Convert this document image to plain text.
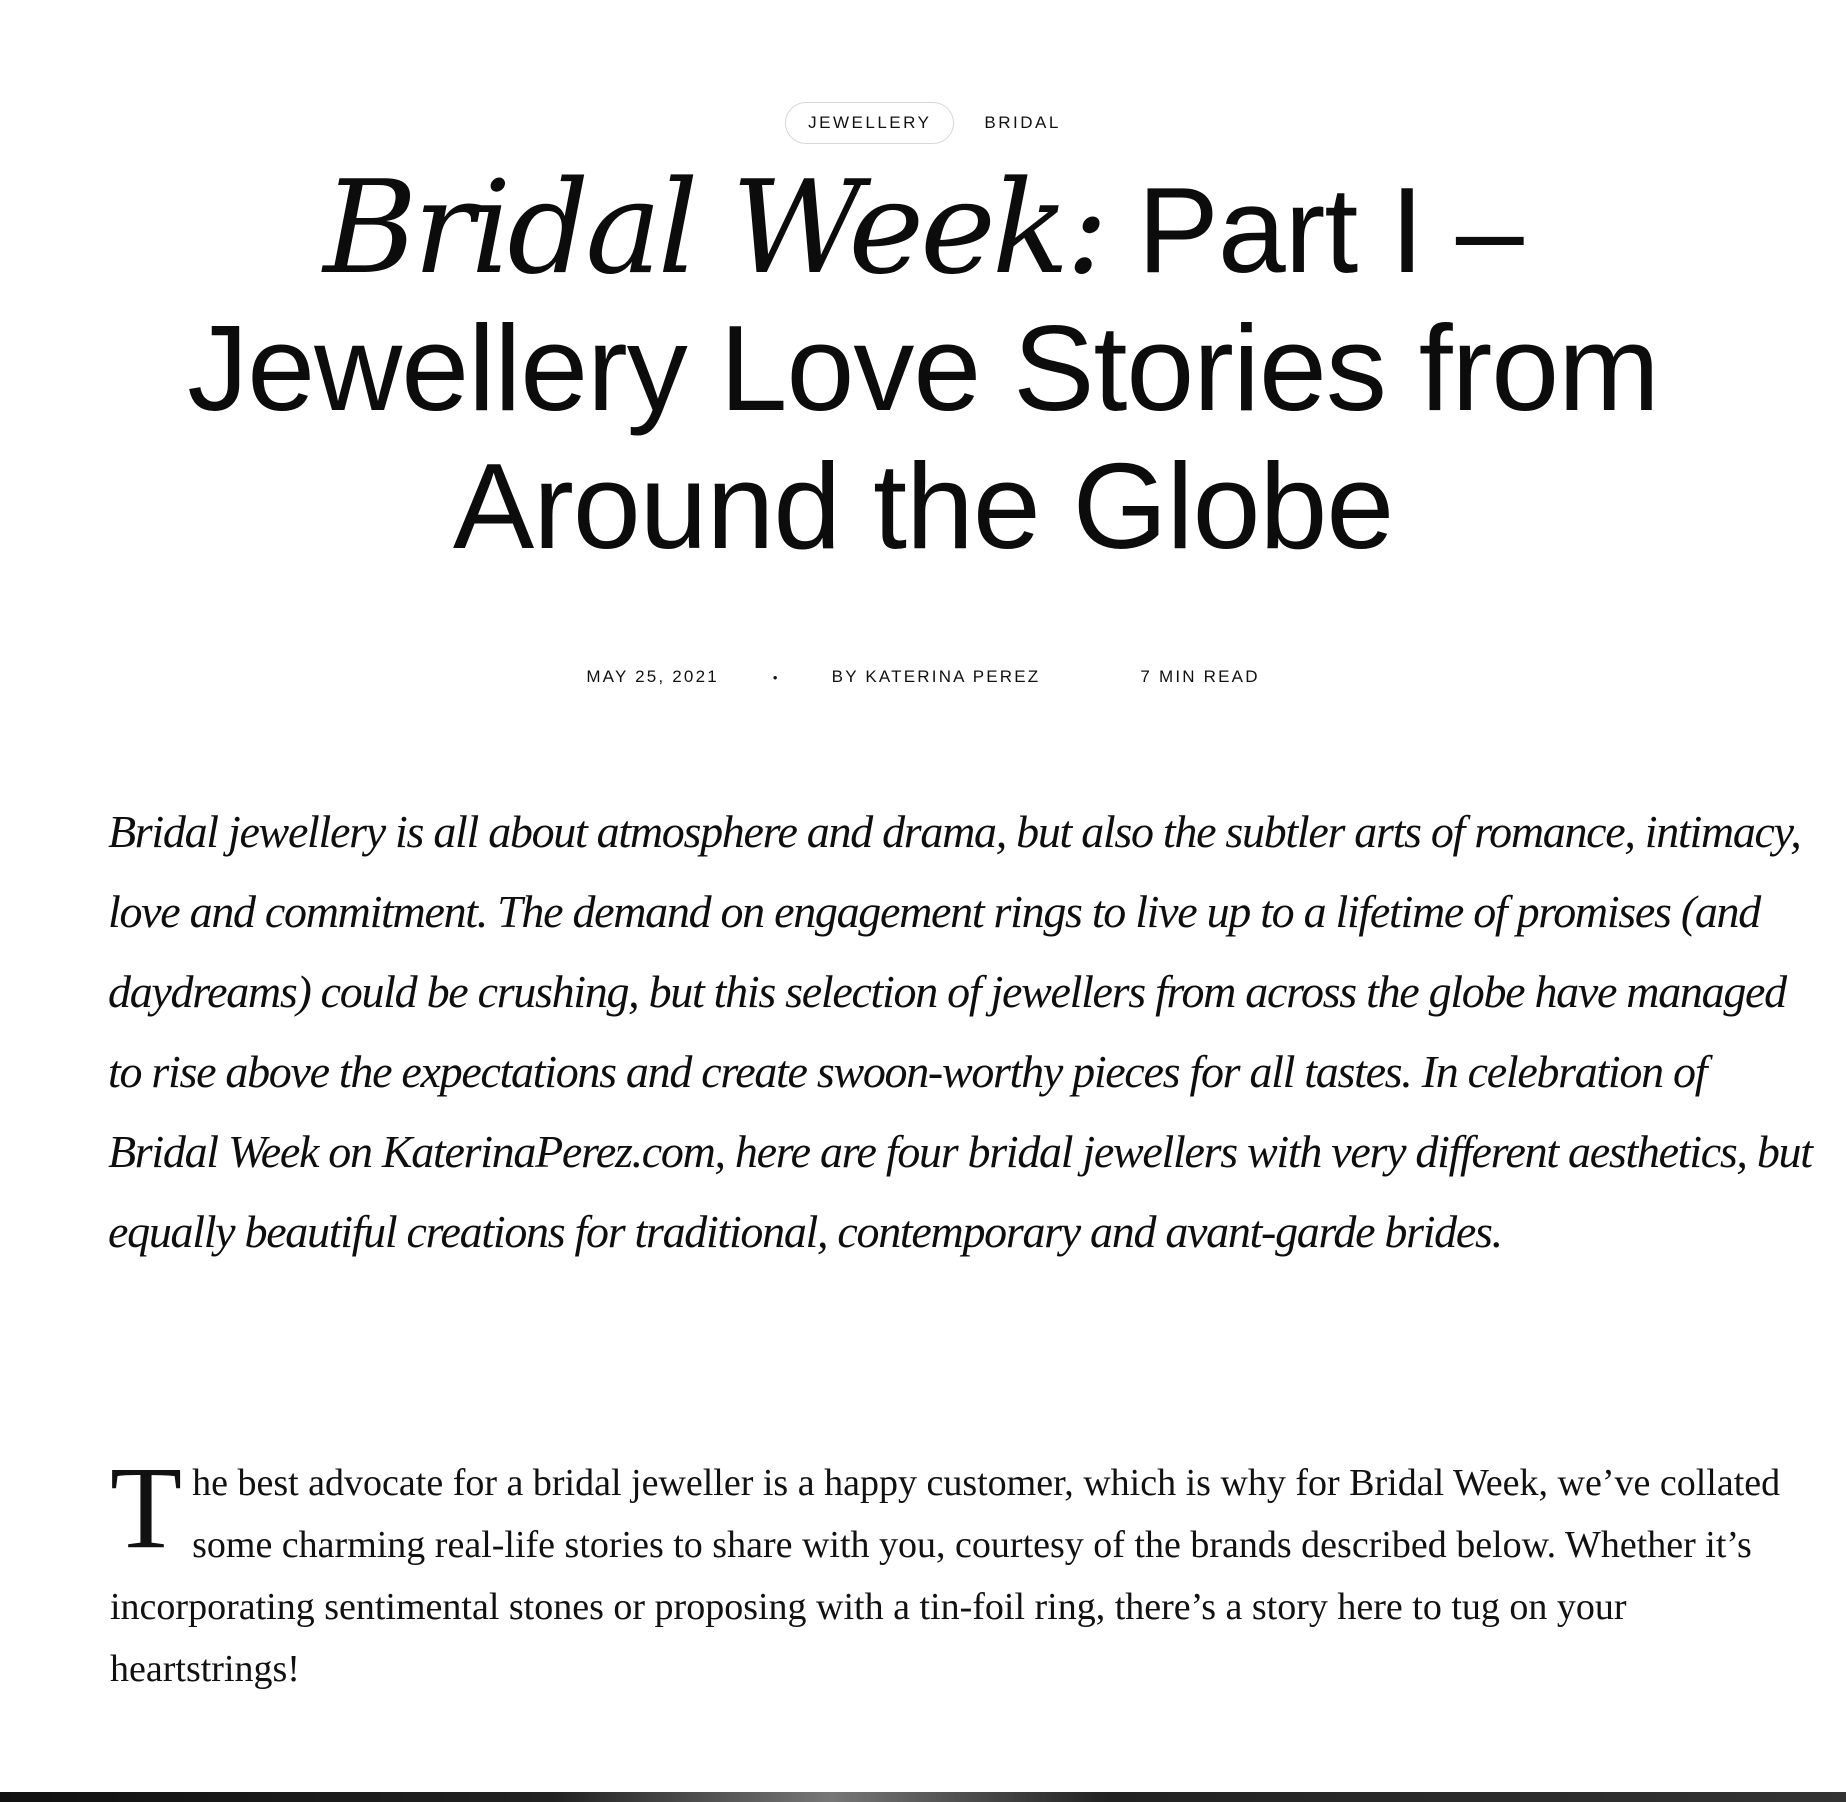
JEWELLERY	BRIDAL
Bridal Week: Part I – Jewellery Love Stories from Around the Globe
MAY 25, 2021	•	BY KATERINA PEREZ	7 MIN READ

Bridal jewellery is all about atmosphere and drama, but also the subtler arts of romance, intimacy, love and commitment. The demand on engagement rings to live up to a lifetime of promises (and daydreams) could be crushing, but this selection of jewellers from across the globe have managed to rise above the expectations and create swoon-worthy pieces for all tastes. In celebration of Bridal Week on KaterinaPerez.com, here are four bridal jewellers with very different aesthetics, but equally beautiful creations for traditional, contemporary and avant-garde brides.

The best advocate for a bridal jeweller is a happy customer, which is why for Bridal Week, we’ve collated some charming real-life stories to share with you, courtesy of the brands described below. Whether it’s incorporating sentimental stones or proposing with a tin-foil ring, there’s a story here to tug on your heartstrings!
